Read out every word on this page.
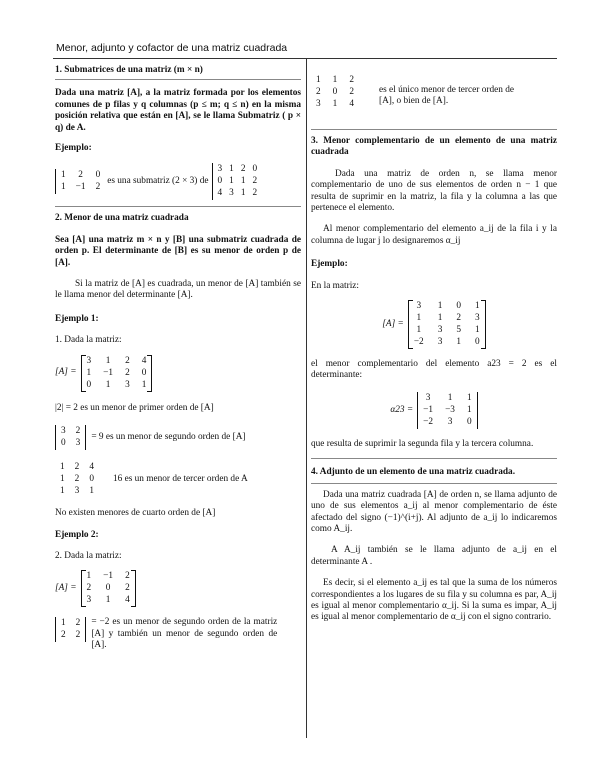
Menor, adjunto y cofactor de una matriz cuadrada

1. Submatrices de una matriz (m × n)

Dada una matriz [A], a la matriz formada por los elementos comunes de p filas y q columnas (p ≤ m; q ≤ n) en la misma posición relativa que están en [A], se le llama Submatriz ( p × q) de A.

Ejemplo:

1 2 0
1 −1 2
es una submatriz (2 × 3) de
3 1 2 0
0 1 1 2
4 3 1 2

2. Menor de una matriz cuadrada

Sea [A] una matriz m × n y [B] una submatriz cuadrada de orden p. El determinante de [B] es su menor de orden p de [A].

Si la matriz de [A] es cuadrada, un menor de [A] también se le llama menor del determinante [A].

Ejemplo 1:

1. Dada la matriz:

[A] =
3 1 2 4
1 −1 2 0
0 1 3 1

|2| = 2 es un menor de primer orden de [A]

3 2
0 3
= 9 es un menor de segundo orden de [A]
1 2 4
1 2 0
1 3 1
16 es un menor de tercer orden de A

No existen menores de cuarto orden de [A]

Ejemplo 2:

2. Dada la matriz:

[A] =
1 −1 2
2 0 2
3 1 4
1 2
2 2
= −2 es un menor de segundo orden de la matriz [A] y también un menor de segundo orden de [A].
1 1 2
2 0 2
3 1 4
es el único menor de tercer orden de [A], o bien de [A].

3. Menor complementario de un elemento de una matriz cuadrada

Dada una matriz de orden n, se llama menor complementario de uno de sus elementos de orden n − 1 que resulta de suprimir en la matriz, la fila y la columna a las que pertenece el elemento.

Al menor complementario del elemento a_ij de la fila i y la columna de lugar j lo designaremos α_ij

Ejemplo:

En la matriz:

[A] =
3 1 0 1
1 1 2 3
1 3 5 1
−2 3 1 0

el menor complementario del elemento a23 = 2 es el determinante:

α23 =
3 1 1
−1 −3 1
−2 3 0

que resulta de suprimir la segunda fila y la tercera columna.

4. Adjunto de un elemento de una matriz cuadrada.

Dada una matriz cuadrada [A] de orden n, se llama adjunto de uno de sus elementos a_ij al menor complementario de éste afectado del signo (−1)^(i+j). Al adjunto de a_ij lo indicaremos como A_ij.

A A_ij también se le llama adjunto de a_ij en el determinante A .

Es decir, si el elemento a_ij es tal que la suma de los números correspondientes a los lugares de su fila y su columna es par, A_ij es igual al menor complementario α_ij. Si la suma es impar, A_ij es igual al menor complementario de α_ij con el signo contrario.
